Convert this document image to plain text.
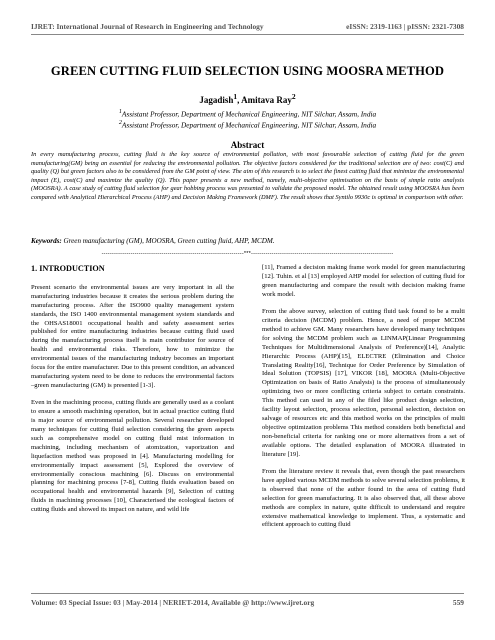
IJRET: International Journal of Research in Engineering and Technology	eISSN: 2319-1163 | pISSN: 2321-7308
GREEN CUTTING FLUID SELECTION USING MOOSRA METHOD
Jagadish$^1$, Amitava Ray$^2$
$^1$Assistant Professor, Department of Mechanical Engineering, NIT Silchar, Assam, India
$^2$Assistant Professor, Department of Mechanical Engineering, NIT Silchar, Assam, India
Abstract
In every manufacturing process, cutting fluid is the key source of environmental pollution, with most favourable selection of cutting fluid for the green manufacturing(GM) being an essential for reducing the environmental pollution. The objective factors considered for the traditional selection are of two: cost(C) and quality (Q) but green factors also to be considered from the GM point of view. The aim of this research is to select the finest cutting fluid that minimize the environmental impact (E), cost(C) and maximize the quality (Q). This paper presents a new method, namely, multi-objective optimisation on the basis of simple ratio analysis (MOOSRA). A case study of cutting fluid selection for gear hobbing process was presented to validate the proposed model. The obtained result using MOOSRA has been compared with Analytical Hierarchical Process (AHP) and Decision Making Framework (DMF). The result shows that Syntilo 9930c is optimal in comparison with other.
Keywords: Green manufacturing (GM), MOOSRA, Green cutting fluid, AHP, MCDM.
---------------------------------------------------------------------***---------------------------------------------------------------------
1. INTRODUCTION

Present scenario the environmental issues are very important in all the manufacturing industries because it creates the serious problem during the manufacturing process. After the ISO900 quality management system standards, the ISO 1400 environmental management system standards and the OHSAS18001 occupational health and safety assessment series published for entire manufacturing industries because cutting fluid used during the manufacturing process itself is main contributor for source of health and environmental risks. Therefore, how to minimize the environmental issues of the manufacturing industry becomes an important focus for the entire manufacturer. Due to this present condition, an advanced manufacturing system need to be done to reduces the environmental factors –green manufacturing (GM) is presented [1-3].

Even in the machining process, cutting fluids are generally used as a coolant to ensure a smooth machining operation, but in actual practice cutting fluid is major source of environmental pollution. Several researcher developed many techniques for cutting fluid selection considering the green aspects such as comprehensive model on cutting fluid mist information in machining, including mechanism of atomization, vaporization and liquefaction method was proposed in [4]. Manufacturing modelling for environmentally impact assessment [5], Explored the overview of environmentally conscious machining [6]. Discuss on environmental planning for machining process [7-8], Cutting fluids evaluation based on occupational health and environmental hazards [9], Selection of cutting fluids in machining processes [10], Characterised the ecological factors of cutting fluids and showed its impact on nature, and wild life

[11], Framed a decision making frame work model for green manufacturing [12]. Tuhin. et al [13] employed AHP model for selection of cutting fluid for green manufacturing and compare the result with decision making frame work model.

From the above survey, selection of cutting fluid task found to be a multi criteria decision (MCDM) problem. Hence, a need of proper MCDM method to achieve GM. Many researchers have developed many techniques for solving the MCDM problem such as LINMAP(Linear Programming Techniques for Multidimensional Analysis of Preference)[14], Analytic Hierarchic Process (AHP)[15], ELECTRE (Elimination and Choice Translating Reality[16], Technique for Order Preference by Simulation of Ideal Solution (TOPSIS) [17], VIKOR [18], MOORA (Multi-Objective Optimization on basis of Ratio Analysis) is the process of simultaneously optimizing two or more conflicting criteria subject to certain constraints. This method can used in any of the filed like product design selection, facility layout selection, process selection, personal selection, decision on salvage of resources etc and this method works on the principles of multi objective optimization problems This method considers both beneficial and non-beneficial criteria for ranking one or more alternatives from a set of available options. The detailed explanation of MOORA illustrated in literature [19].

From the literature review it reveals that, even though the past researchers have applied various MCDM methods to solve several selection problems, it is observed that none of the author found in the area of cutting fluid selection for green manufacturing. It is also observed that, all these above methods are complex in nature, quite difficult to understand and require extensive mathematical knowledge to implement. Thus, a systematic and efficient approach to cutting fluid

Volume: 03 Special Issue: 03 | May-2014 | NERIET-2014, Available @ http://www.ijret.org	559
